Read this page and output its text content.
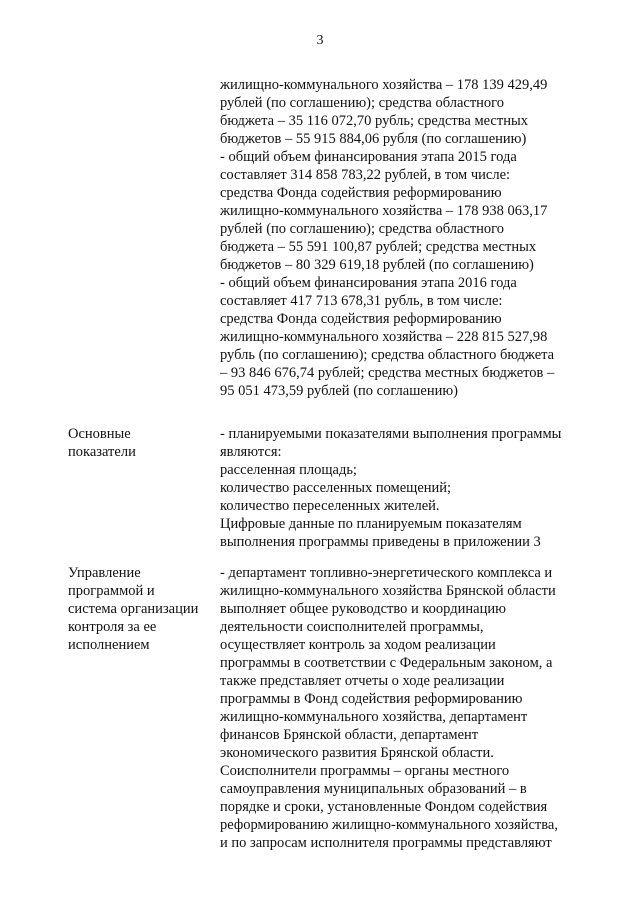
3
жилищно-коммунального хозяйства – 178 139 429,49
рублей (по соглашению); средства областного
бюджета – 35 116 072,70 рубль; средства местных
бюджетов – 55 915 884,06 рубля (по соглашению)
- общий объем финансирования этапа 2015 года
составляет 314 858 783,22 рублей, в том числе:
средства Фонда содействия реформированию
жилищно-коммунального хозяйства – 178 938 063,17
рублей (по соглашению); средства областного
бюджета – 55 591 100,87 рублей; средства местных
бюджетов – 80 329 619,18 рублей (по соглашению)
- общий объем финансирования этапа 2016 года
составляет 417 713 678,31 рубль, в том числе:
средства Фонда содействия реформированию
жилищно-коммунального хозяйства – 228 815 527,98
рубль (по соглашению); средства областного бюджета
– 93 846 676,74 рублей; средства местных бюджетов –
95 051 473,59 рублей (по соглашению)
Основные
показатели
- планируемыми показателями выполнения программы
являются:
расселенная площадь;
количество расселенных помещений;
количество переселенных жителей.
Цифровые данные по планируемым показателям
выполнения программы приведены в приложении 3
Управление
программой и
система организации
контроля за ее
исполнением
- департамент топливно-энергетического комплекса и
жилищно-коммунального хозяйства Брянской области
выполняет общее руководство и координацию
деятельности соисполнителей программы,
осуществляет контроль за ходом реализации
программы в соответствии с Федеральным законом, а
также представляет отчеты о ходе реализации
программы в Фонд содействия реформированию
жилищно-коммунального хозяйства, департамент
финансов Брянской области, департамент
экономического развития Брянской области.
Соисполнители программы – органы местного
самоуправления муниципальных образований – в
порядке и сроки, установленные Фондом содействия
реформированию жилищно-коммунального хозяйства,
и по запросам исполнителя программы представляют
